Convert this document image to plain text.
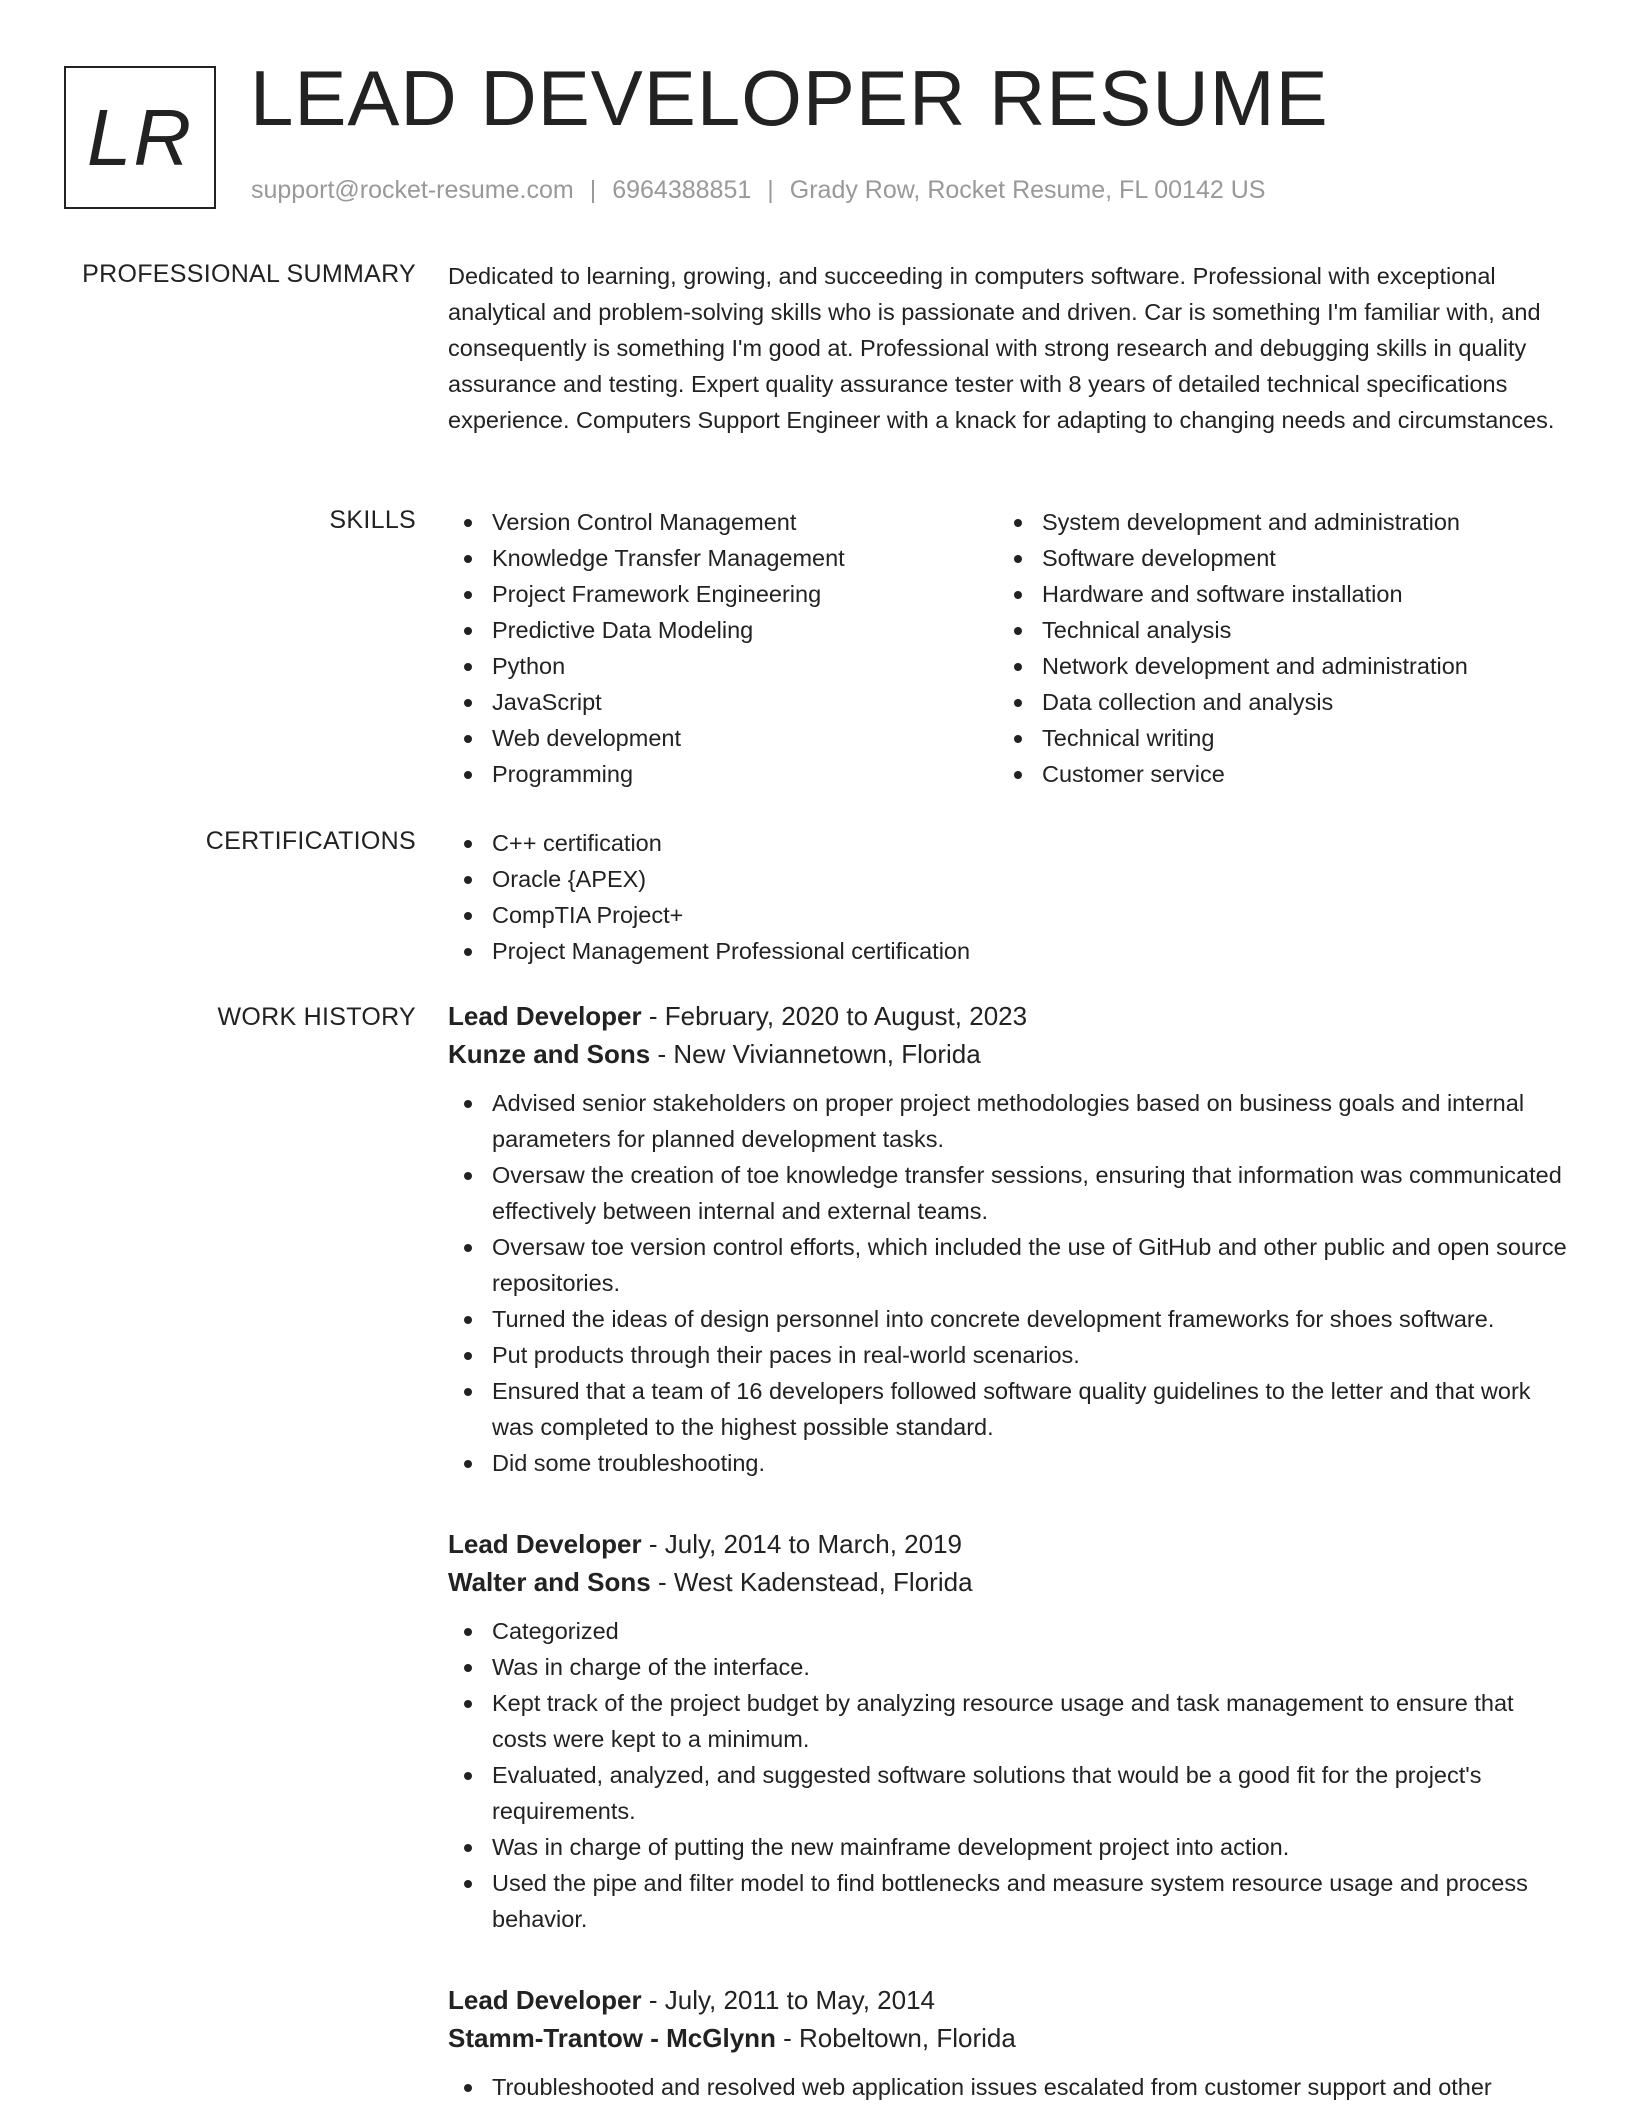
LR LEAD DEVELOPER RESUME
support@rocket-resume.com | 6964388851 | Grady Row, Rocket Resume, FL 00142 US
PROFESSIONAL SUMMARY Dedicated to learning, growing, and succeeding in computers software. Professional with exceptional analytical and problem-solving skills who is passionate and driven. Car is something I'm familiar with, and consequently is something I'm good at. Professional with strong research and debugging skills in quality assurance and testing. Expert quality assurance tester with 8 years of detailed technical specifications experience. Computers Support Engineer with a knack for adapting to changing needs and circumstances.

SKILLS	Version Control Management
Knowledge Transfer Management
Project Framework Engineering
Predictive Data Modeling
Python
JavaScript
Web development
Programming
System development and administration
Software development
Hardware and software installation
Technical analysis
Network development and administration
Data collection and analysis
Technical writing
Customer service
CERTIFICATIONS	C++ certification
Oracle {APEX)
CompTIA Project+
Project Management Professional certification
WORK HISTORY Lead Developer - February, 2020 to August, 2023
Kunze and Sons - New Viviannetown, Florida
Advised senior stakeholders on proper project methodologies based on business goals and internal parameters for planned development tasks.
Oversaw the creation of toe knowledge transfer sessions, ensuring that information was communicated effectively between internal and external teams.
Oversaw toe version control efforts, which included the use of GitHub and other public and open source repositories.
Turned the ideas of design personnel into concrete development frameworks for shoes software.
Put products through their paces in real-world scenarios.
Ensured that a team of 16 developers followed software quality guidelines to the letter and that work was completed to the highest possible standard.
Did some troubleshooting.
Lead Developer - July, 2014 to March, 2019
Walter and Sons - West Kadenstead, Florida
Categorized
Was in charge of the interface.
Kept track of the project budget by analyzing resource usage and task management to ensure that costs were kept to a minimum.
Evaluated, analyzed, and suggested software solutions that would be a good fit for the project's requirements.
Was in charge of putting the new mainframe development project into action.
Used the pipe and filter model to find bottlenecks and measure system resource usage and process behavior.
Lead Developer - July, 2011 to May, 2014
Stamm-Trantow - McGlynn - Robeltown, Florida
Troubleshooted and resolved web application issues escalated from customer support and other
